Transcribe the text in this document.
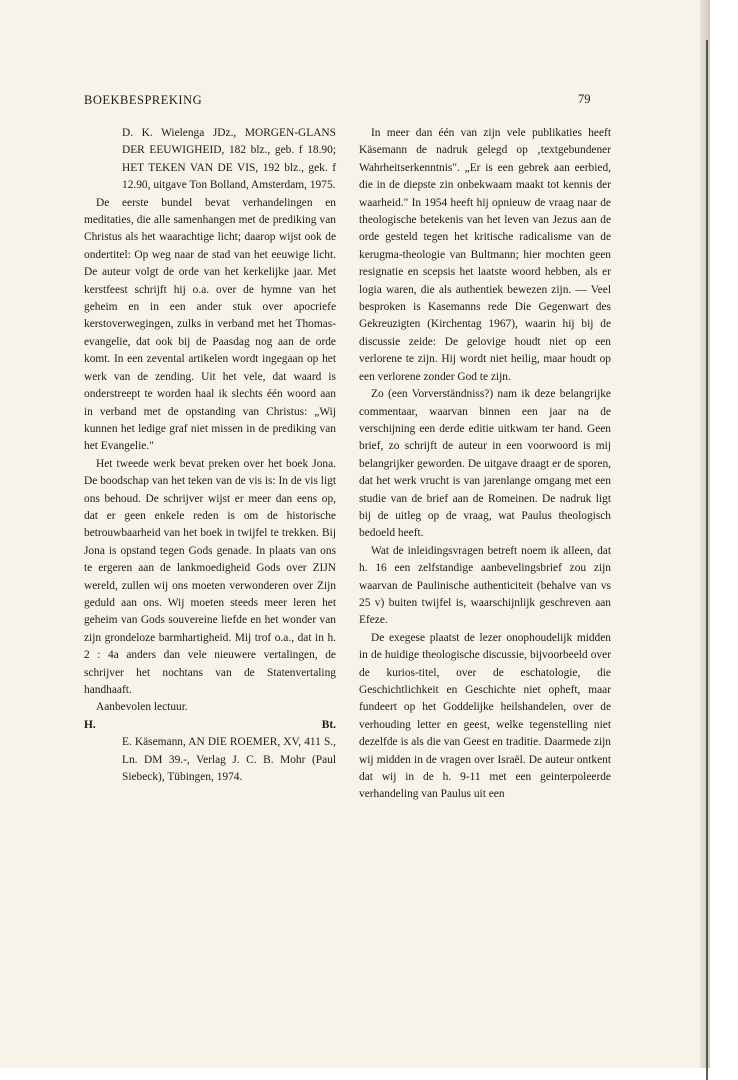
BOEKBESPREKING	79

D. K. Wielenga JDz., MORGEN-GLANS DER EEUWIGHEID, 182 blz., geb. f 18.90; HET TEKEN VAN DE VIS, 192 blz., gek. f 12.90, uitgave Ton Bolland, Amsterdam, 1975.

De eerste bundel bevat verhandelingen en meditaties, die alle samenhangen met de prediking van Christus als het waarachtige licht; daarop wijst ook de ondertitel: Op weg naar de stad van het eeuwige licht. De auteur volgt de orde van het kerkelijke jaar. Met kerstfeest schrijft hij o.a. over de hymne van het geheim en in een ander stuk over apocriefe kerstoverwegingen, zulks in verband met het Thomas-evangelie, dat ook bij de Paasdag nog aan de orde komt. In een zevental artikelen wordt ingegaan op het werk van de zending. Uit het vele, dat waard is onderstreept te worden haal ik slechts één woord aan in verband met de opstanding van Christus: „Wij kunnen het ledige graf niet missen in de prediking van het Evangelie."

Het tweede werk bevat preken over het boek Jona. De boodschap van het teken van de vis is: In de vis ligt ons behoud. De schrijver wijst er meer dan eens op, dat er geen enkele reden is om de historische betrouwbaarheid van het boek in twijfel te trekken. Bij Jona is opstand tegen Gods genade. In plaats van ons te ergeren aan de lankmoedigheid Gods over ZIJN wereld, zullen wij ons moeten verwonderen over Zijn geduld aan ons. Wij moeten steeds meer leren het geheim van Gods souvereine liefde en het wonder van zijn grondeloze barmhartigheid. Mij trof o.a., dat in h. 2 : 4a anders dan vele nieuwere vertalingen, de schrijver het nochtans van de Statenvertaling handhaaft.

Aanbevolen lectuur.

H.	Bt.

E. Käsemann, AN DIE ROEMER, XV, 411 S., Ln. DM 39.-, Verlag J. C. B. Mohr (Paul Siebeck), Tübingen, 1974.

In meer dan één van zijn vele publikaties heeft Käsemann de nadruk gelegd op ‚textgebundener Wahrheitserkenntnis". „Er is een gebrek aan eerbied, die in de diepste zin onbekwaam maakt tot kennis der waarheid." In 1954 heeft hij opnieuw de vraag naar de theologische betekenis van het leven van Jezus aan de orde gesteld tegen het kritische radicalisme van de kerugma-theologie van Bultmann; hier mochten geen resignatie en scepsis het laatste woord hebben, als er logia waren, die als authentiek bewezen zijn. — Veel besproken is Kasemanns rede Die Gegenwart des Gekreuzigten (Kirchentag 1967), waarin hij bij de discussie zeide: De gelovige houdt niet op een verlorene te zijn. Hij wordt niet heilig, maar houdt op een verlorene zonder God te zijn.

Zo (een Vorverständniss?) nam ik deze belangrijke commentaar, waarvan binnen een jaar na de verschijning een derde editie uitkwam ter hand. Geen brief, zo schrijft de auteur in een voorwoord is mij belangrijker geworden. De uitgave draagt er de sporen, dat het werk vrucht is van jarenlange omgang met een studie van de brief aan de Romeinen. De nadruk ligt bij de uitleg op de vraag, wat Paulus theologisch bedoeld heeft.

Wat de inleidingsvragen betreft noem ik alleen, dat h. 16 een zelfstandige aanbevelingsbrief zou zijn waarvan de Paulinische authenticiteit (behalve van vs 25 v) buiten twijfel is, waarschijnlijk geschreven aan Efeze.

De exegese plaatst de lezer onophoudelijk midden in de huidige theologische discussie, bijvoorbeeld over de kurios-titel, over de eschatologie, die Geschichtlichkeit en Geschichte niet opheft, maar fundeert op het Goddelijke heilshandelen, over de verhouding letter en geest, welke tegenstelling niet dezelfde is als die van Geest en traditie. Daarmede zijn wij midden in de vragen over Israël. De auteur ontkent dat wij in de h. 9-11 met een geinterpoleerde verhandeling van Paulus uit een
